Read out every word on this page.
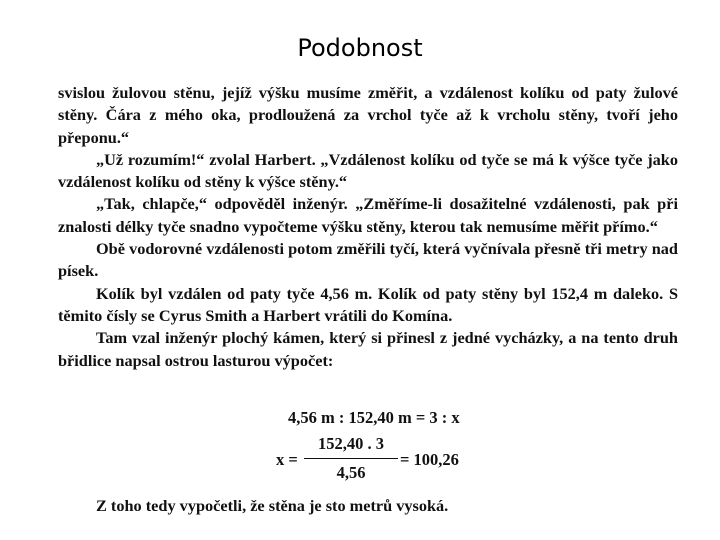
Podobnost

svislou žulovou stěnu, jejíž výšku musíme změřit, a vzdálenost kolíku od paty žulové stěny. Čára z mého oka, prodloužená za vrchol tyče až k vrcholu stěny, tvoří jeho přeponu.“

„Už rozumím!“ zvolal Harbert. „Vzdálenost kolíku od tyče se má k výšce tyče jako vzdálenost kolíku od stěny k výšce stěny.“

„Tak, chlapče,“ odpověděl inženýr. „Změříme-li dosažitelné vzdálenosti, pak při znalosti délky tyče snadno vypočteme výšku stěny, kterou tak nemusíme měřit přímo.“

Obě vodorovné vzdálenosti potom změřili tyčí, která vyčnívala přesně tři metry nad písek.

Kolík byl vzdálen od paty tyče 4,56 m. Kolík od paty stěny byl 152,4 m daleko. S těmito čísly se Cyrus Smith a Harbert vrátili do Komína.

Tam vzal inženýr plochý kámen, který si přinesl z jedné vycházky, a na tento druh břidlice napsal ostrou lasturou výpočet:

4,56 m : 152,40 m = 3 : x
x =
152,40 . 3
4,56
= 100,26
Z toho tedy vypočetli, že stěna je sto metrů vysoká.
